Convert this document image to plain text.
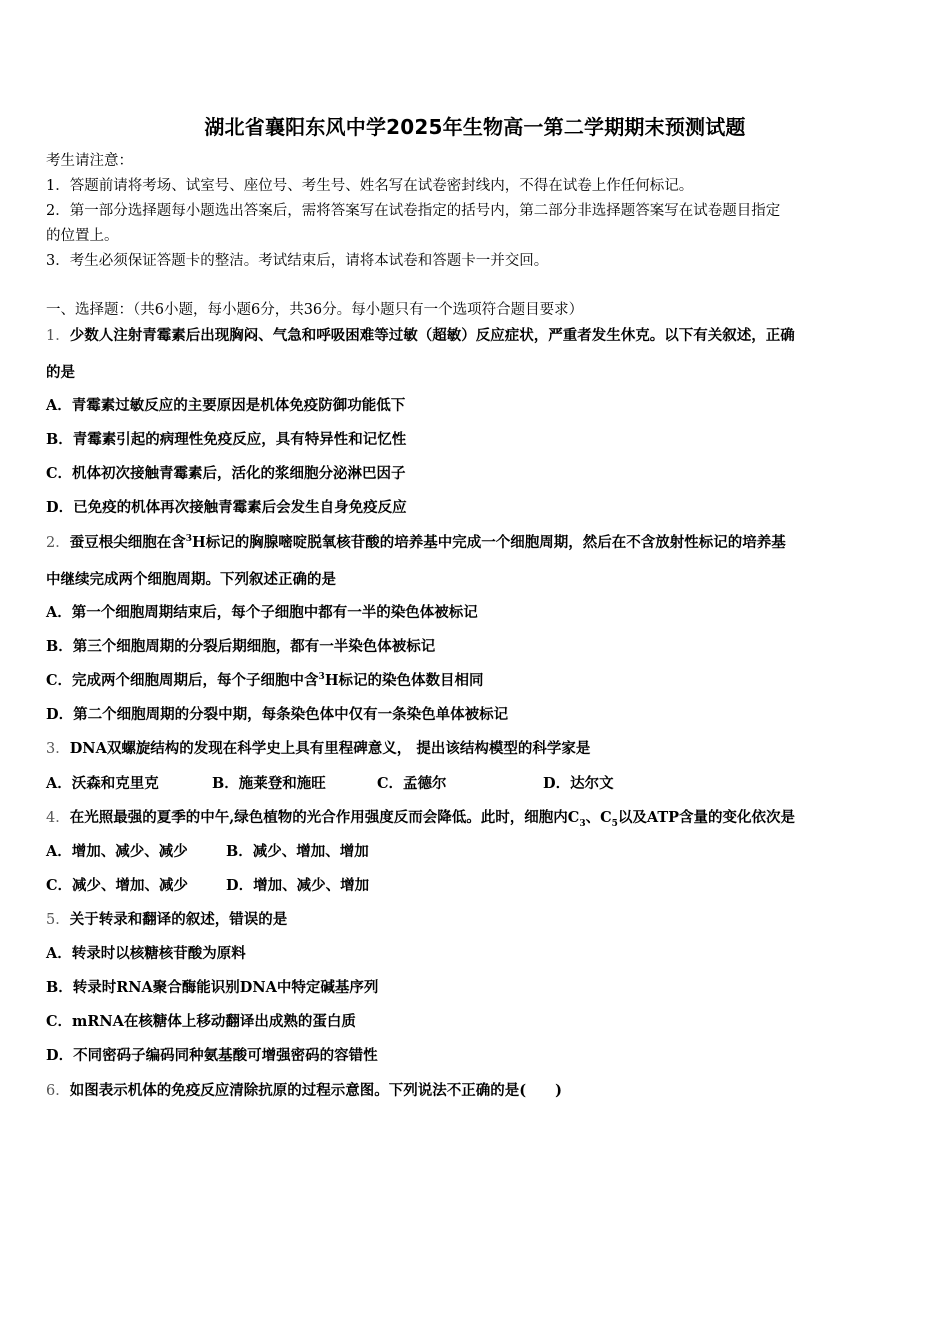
湖北省襄阳东风中学2025年生物高一第二学期期末预测试题
考生请注意：
1．答题前请将考场、试室号、座位号、考生号、姓名写在试卷密封线内，不得在试卷上作任何标记。
2．第一部分选择题每小题选出答案后，需将答案写在试卷指定的括号内，第二部分非选择题答案写在试卷题目指定
的位置上。
3．考生必须保证答题卡的整洁。考试结束后，请将本试卷和答题卡一并交回。
一、选择题：（共6小题，每小题6分，共36分。每小题只有一个选项符合题目要求）
1．少数人注射青霉素后出现胸闷、气急和呼吸困难等过敏（超敏）反应症状，严重者发生休克。以下有关叙述，正确
的是
A．青霉素过敏反应的主要原因是机体免疫防御功能低下
B．青霉素引起的病理性免疫反应，具有特异性和记忆性
C．机体初次接触青霉素后，活化的浆细胞分泌淋巴因子
D．已免疫的机体再次接触青霉素后会发生自身免疫反应
2．蚕豆根尖细胞在含$^3$H标记的胸腺嘧啶脱氧核苷酸的培养基中完成一个细胞周期，然后在不含放射性标记的培养基
中继续完成两个细胞周期。下列叙述正确的是
A．第一个细胞周期结束后，每个子细胞中都有一半的染色体被标记
B．第三个细胞周期的分裂后期细胞，都有一半染色体被标记
C．完成两个细胞周期后，每个子细胞中含$^3$H标记的染色体数目相同
D．第二个细胞周期的分裂中期，每条染色体中仅有一条染色单体被标记
3．DNA双螺旋结构的发现在科学史上具有里程碑意义， 提出该结构模型的科学家是
A．沃森和克里克	B．施莱登和施旺	C．孟德尔	D．达尔文
4．在光照最强的夏季的中午,绿色植物的光合作用强度反而会降低。此时，细胞内$C_3$、$C_5$以及ATP含量的变化依次是
A．增加、减少、减少	B．减少、增加、增加
C．减少、增加、减少	D．增加、减少、增加
5．关于转录和翻译的叙述，错误的是
A．转录时以核糖核苷酸为原料
B．转录时RNA聚合酶能识别DNA中特定碱基序列
C．mRNA在核糖体上移动翻译出成熟的蛋白质
D．不同密码子编码同种氨基酸可增强密码的容错性
6．如图表示机体的免疫反应清除抗原的过程示意图。下列说法不正确的是(　　)
